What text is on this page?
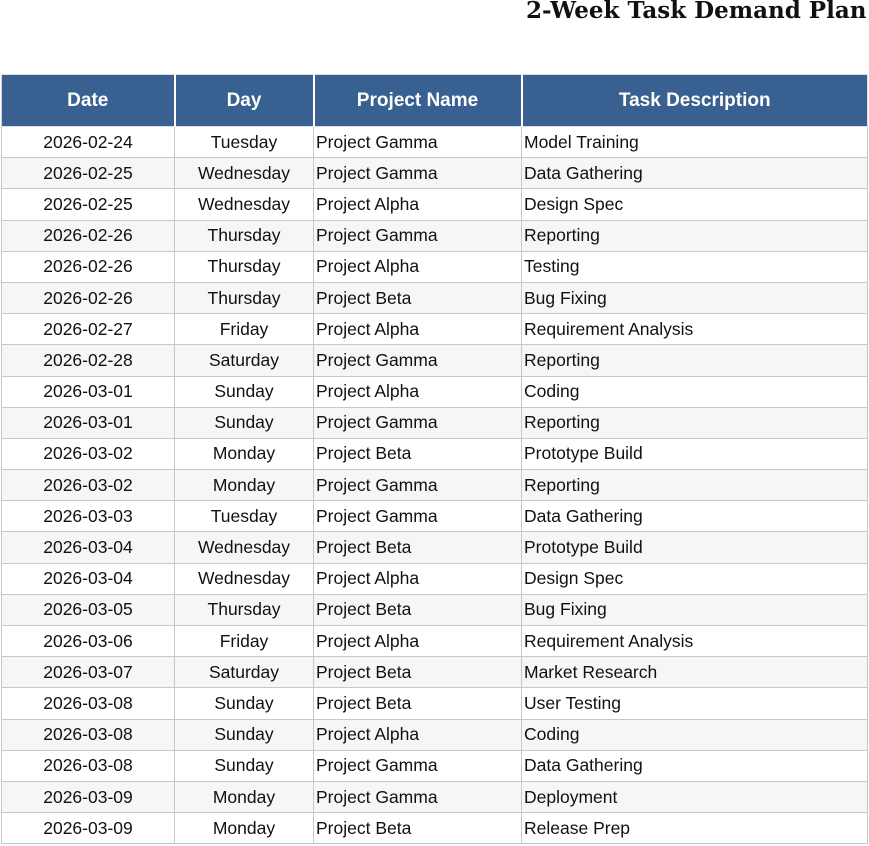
2-Week Task Demand Plan
Date	Day	Project Name	Task Description
2026-02-24	Tuesday	Project Gamma	Model Training
2026-02-25	Wednesday	Project Gamma	Data Gathering
2026-02-25	Wednesday	Project Alpha	Design Spec
2026-02-26	Thursday	Project Gamma	Reporting
2026-02-26	Thursday	Project Alpha	Testing
2026-02-26	Thursday	Project Beta	Bug Fixing
2026-02-27	Friday	Project Alpha	Requirement Analysis
2026-02-28	Saturday	Project Gamma	Reporting
2026-03-01	Sunday	Project Alpha	Coding
2026-03-01	Sunday	Project Gamma	Reporting
2026-03-02	Monday	Project Beta	Prototype Build
2026-03-02	Monday	Project Gamma	Reporting
2026-03-03	Tuesday	Project Gamma	Data Gathering
2026-03-04	Wednesday	Project Beta	Prototype Build
2026-03-04	Wednesday	Project Alpha	Design Spec
2026-03-05	Thursday	Project Beta	Bug Fixing
2026-03-06	Friday	Project Alpha	Requirement Analysis
2026-03-07	Saturday	Project Beta	Market Research
2026-03-08	Sunday	Project Beta	User Testing
2026-03-08	Sunday	Project Alpha	Coding
2026-03-08	Sunday	Project Gamma	Data Gathering
2026-03-09	Monday	Project Gamma	Deployment
2026-03-09	Monday	Project Beta	Release Prep
